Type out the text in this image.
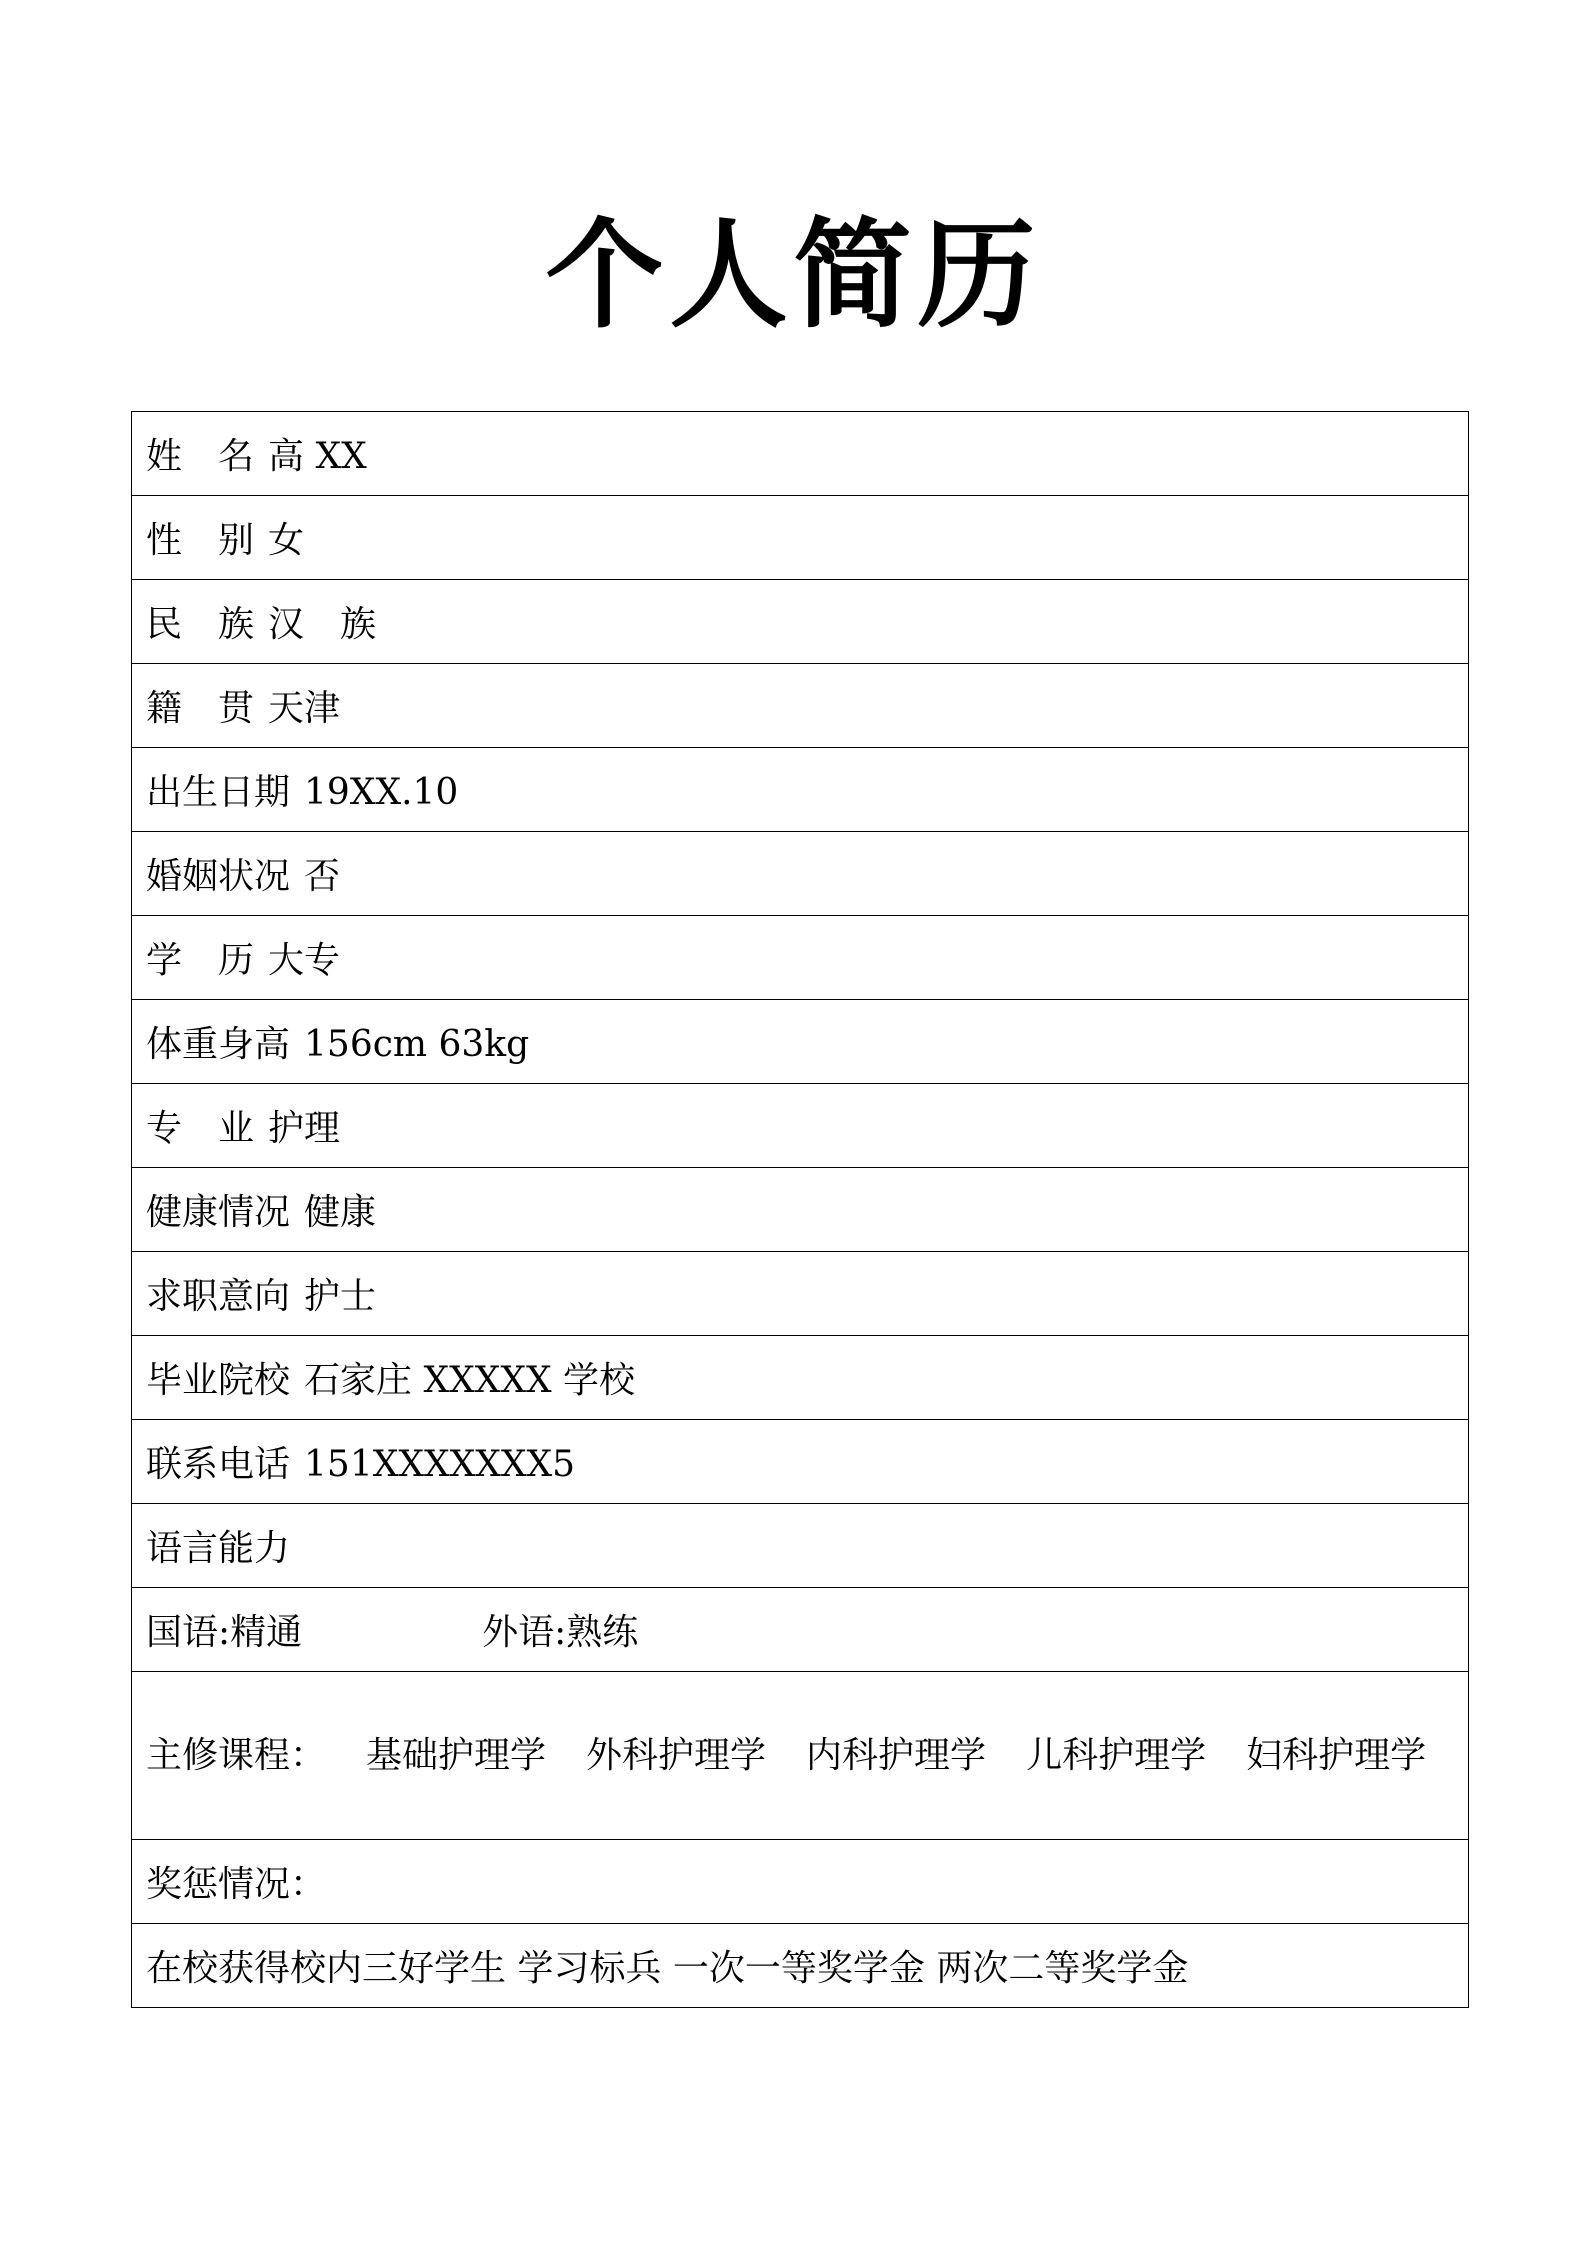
个人简历
姓　名 高 XX
性　别 女
民　族 汉　族
籍　贯 天津
出生日期 19XX.10
婚姻状况 否
学　历 大专
体重身高 156cm 63kg
专　业 护理
健康情况 健康
求职意向 护士
毕业院校 石家庄 XXXXX 学校
联系电话 151XXXXXXX5
语言能力
国语:精通	外语:熟练
主修课程： 基础护理学 外科护理学 内科护理学 儿科护理学 妇科护理学
奖惩情况：
在校获得校内三好学生 学习标兵 一次一等奖学金 两次二等奖学金
